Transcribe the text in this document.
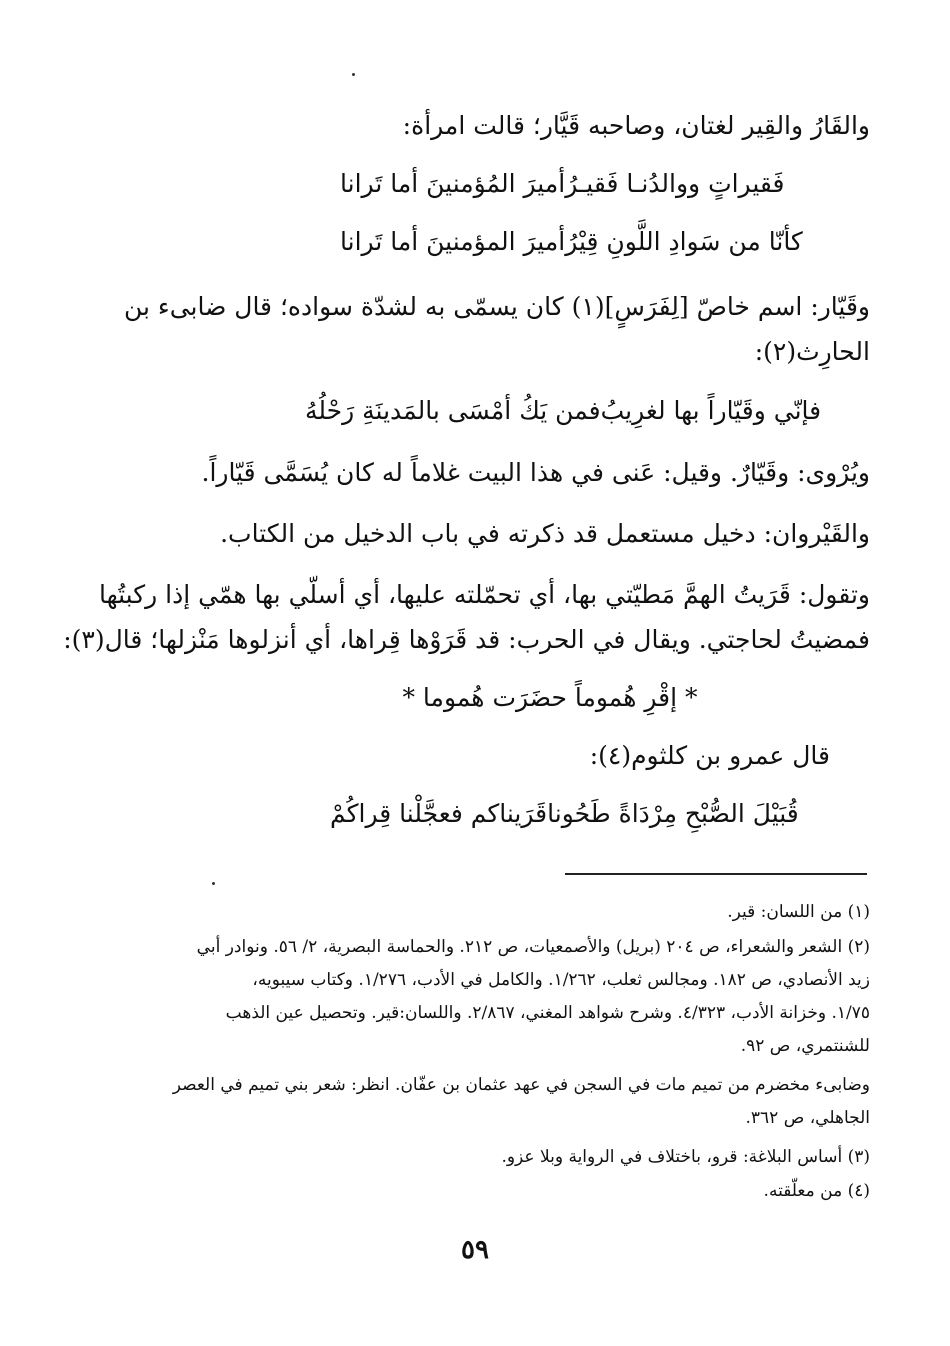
والقَارُ والقِير لغتان، وصاحبه قَيَّار؛ قالت امرأة:
أميرَ المُؤمنينَ أما تَرانا فَقيراتٍ ووالدُنـا فَقيـرُ
أميرَ المؤمنينَ أما تَرانا كأنّا من سَوادِ اللَّونِ قِيْرُ
وقَيّار: اسم خاصّ [لِفَرَسٍ](١) كان يسمّى به لشدّة سواده؛ قال ضابىء بن
الحارِث(٢):
فمن يَكُ أمْسَى بالمَدينَةِ رَحْلُهُ فإنّي وقَيّاراً بها لغرِيبُ
ويُرْوى: وقَيّارٌ. وقيل: عَنى في هذا البيت غلاماً له كان يُسَمَّى قَيّاراً.
والقَيْروان: دخيل مستعمل قد ذكرته في باب الدخيل من الكتاب.
وتقول: قَرَيتُ الهمَّ مَطيّتي بها، أي تحمّلته عليها، أي أسلّي بها همّي إذا ركبتُها
فمضيتُ لحاجتي. ويقال في الحرب: قد قَرَوْها قِراها، أي أنزلوها مَنْزلها؛ قال(٣):
* إقْرِ هُموماً حضَرَت هُموما *
قال عمرو بن كلثوم(٤):
قَرَيناكم فعجَّلْنا قِراكُمْ قُبَيْلَ الصُّبْحِ مِرْدَاةً طَحُونا
(١) من اللسان: قير.
(٢) الشعر والشعراء، ص ٢٠٤ (بريل) والأصمعيات، ص ٢١٢. والحماسة البصرية، ٢/ ٥٦. ونوادر أبي
زيد الأنصادي، ص ١٨٢. ومجالس ثعلب، ١/٢٦٢. والكامل في الأدب، ١/٢٧٦. وكتاب سيبويه،
١/٧٥. وخزانة الأدب، ٤/٣٢٣. وشرح شواهد المغني، ٢/٨٦٧. واللسان:قير. وتحصيل عين الذهب
للشنتمري، ص ٩٢.
وضابىء مخضرم من تميم مات في السجن في عهد عثمان بن عفّان. انظر: شعر بني تميم في العصر
الجاهلي، ص ٣٦٢.
(٣) أساس البلاغة: قرو، باختلاف في الرواية وبلا عزو.
(٤) من معلّقته.
٥٩
